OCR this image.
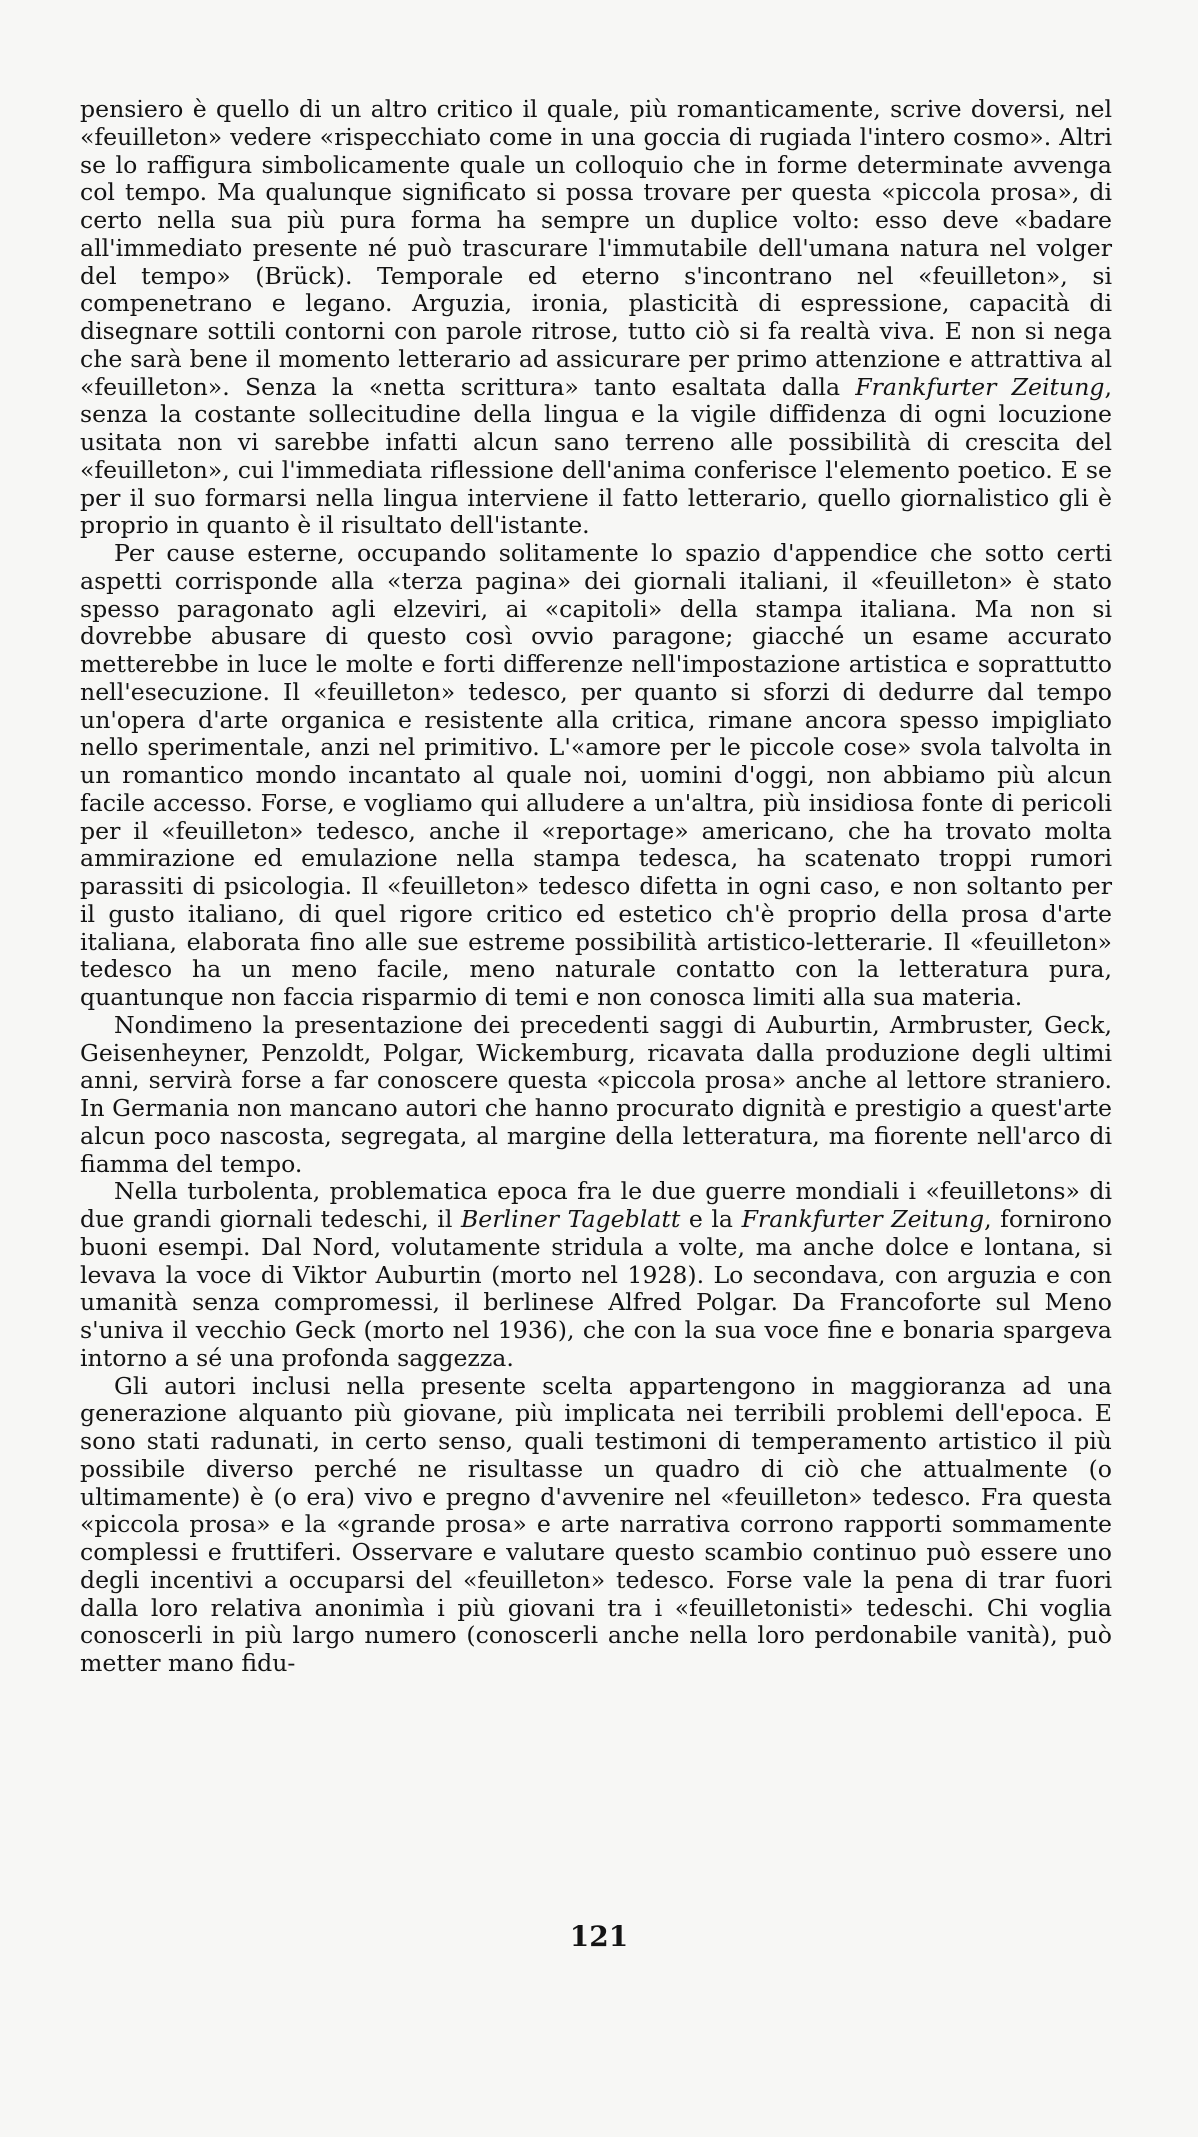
pensiero è quello di un altro critico il quale, più romanticamente, scrive doversi, nel «feuilleton» vedere «rispecchiato come in una goccia di rugiada l'intero cosmo». Altri se lo raffigura simbolicamente quale un colloquio che in forme determinate avvenga col tempo. Ma qualunque significato si possa trovare per questa «piccola prosa», di certo nella sua più pura forma ha sempre un duplice volto: esso deve «badare all'immediato presente né può trascurare l'immutabile dell'umana natura nel volger del tempo» (Brück). Temporale ed eterno s'incontrano nel «feuilleton», si compenetrano e legano. Arguzia, ironia, plasticità di espressione, capacità di disegnare sottili contorni con parole ritrose, tutto ciò si fa realtà viva. E non si nega che sarà bene il momento letterario ad assicurare per primo attenzione e attrattiva al «feuilleton». Senza la «netta scrittura» tanto esaltata dalla Frankfurter Zeitung, senza la costante sollecitudine della lingua e la vigile diffidenza di ogni locuzione usitata non vi sarebbe infatti alcun sano terreno alle possibilità di crescita del «feuilleton», cui l'immediata riflessione dell'anima conferisce l'elemento poetico. E se per il suo formarsi nella lingua interviene il fatto letterario, quello giornalistico gli è proprio in quanto è il risultato dell'istante.

Per cause esterne, occupando solitamente lo spazio d'appendice che sotto certi aspetti corrisponde alla «terza pagina» dei giornali italiani, il «feuilleton» è stato spesso paragonato agli elzeviri, ai «capitoli» della stampa italiana. Ma non si dovrebbe abusare di questo così ovvio paragone; giacché un esame accurato metterebbe in luce le molte e forti differenze nell'impostazione artistica e soprattutto nell'esecuzione. Il «feuilleton» tedesco, per quanto si sforzi di dedurre dal tempo un'opera d'arte organica e resistente alla critica, rimane ancora spesso impigliato nello sperimentale, anzi nel primitivo. L'«amore per le piccole cose» svola talvolta in un romantico mondo incantato al quale noi, uomini d'oggi, non abbiamo più alcun facile accesso. Forse, e vogliamo qui alludere a un'altra, più insidiosa fonte di pericoli per il «feuilleton» tedesco, anche il «reportage» americano, che ha trovato molta ammirazione ed emulazione nella stampa tedesca, ha scatenato troppi rumori parassiti di psicologia. Il «feuilleton» tedesco difetta in ogni caso, e non soltanto per il gusto italiano, di quel rigore critico ed estetico ch'è proprio della prosa d'arte italiana, elaborata fino alle sue estreme possibilità artistico-letterarie. Il «feuilleton» tedesco ha un meno facile, meno naturale contatto con la letteratura pura, quantunque non faccia risparmio di temi e non conosca limiti alla sua materia.

Nondimeno la presentazione dei precedenti saggi di Auburtin, Armbruster, Geck, Geisenheyner, Penzoldt, Polgar, Wickemburg, ricavata dalla produzione degli ultimi anni, servirà forse a far conoscere questa «piccola prosa» anche al lettore straniero. In Germania non mancano autori che hanno procurato dignità e prestigio a quest'arte alcun poco nascosta, segregata, al margine della letteratura, ma fiorente nell'arco di fiamma del tempo.

Nella turbolenta, problematica epoca fra le due guerre mondiali i «feuilletons» di due grandi giornali tedeschi, il Berliner Tageblatt e la Frankfurter Zeitung, fornirono buoni esempi. Dal Nord, volutamente stridula a volte, ma anche dolce e lontana, si levava la voce di Viktor Auburtin (morto nel 1928). Lo secondava, con arguzia e con umanità senza compromessi, il berlinese Alfred Polgar. Da Francoforte sul Meno s'univa il vecchio Geck (morto nel 1936), che con la sua voce fine e bonaria spargeva intorno a sé una profonda saggezza.

Gli autori inclusi nella presente scelta appartengono in maggioranza ad una generazione alquanto più giovane, più implicata nei terribili problemi dell'epoca. E sono stati radunati, in certo senso, quali testimoni di temperamento artistico il più possibile diverso perché ne risultasse un quadro di ciò che attualmente (o ultimamente) è (o era) vivo e pregno d'avvenire nel «feuilleton» tedesco. Fra questa «piccola prosa» e la «grande prosa» e arte narrativa corrono rapporti sommamente complessi e fruttiferi. Osservare e valutare questo scambio continuo può essere uno degli incentivi a occuparsi del «feuilleton» tedesco. Forse vale la pena di trar fuori dalla loro relativa anonimìa i più giovani tra i «feuilletonisti» tedeschi. Chi voglia conoscerli in più largo numero (conoscerli anche nella loro perdonabile vanità), può metter mano fidu-

121
